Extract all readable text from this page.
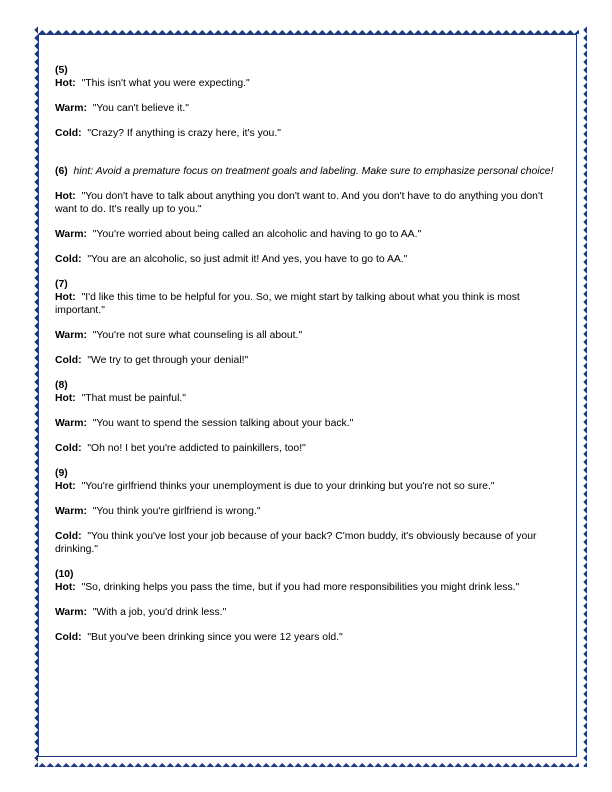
(5)

Hot: "This isn't what you were expecting."

Warm: "You can't believe it."

Cold: "Crazy? If anything is crazy here, it's you."

(6) hint: Avoid a premature focus on treatment goals and labeling. Make sure to emphasize personal choice!

Hot: "You don't have to talk about anything you don't want to. And you don't have to do anything you don't want to do. It's really up to you."

Warm: "You're worried about being called an alcoholic and having to go to AA."

Cold: "You are an alcoholic, so just admit it! And yes, you have to go to AA."

(7)

Hot: "I'd like this time to be helpful for you. So, we might start by talking about what you think is most important."

Warm: "You're not sure what counseling is all about."

Cold: "We try to get through your denial!"

(8)

Hot: "That must be painful."

Warm: "You want to spend the session talking about your back."

Cold: "Oh no! I bet you're addicted to painkillers, too!"

(9)

Hot: "You're girlfriend thinks your unemployment is due to your drinking but you're not so sure."

Warm: "You think you're girlfriend is wrong."

Cold: "You think you've lost your job because of your back? C'mon buddy, it's obviously because of your drinking."

(10)

Hot: "So, drinking helps you pass the time, but if you had more responsibilities you might drink less."

Warm: "With a job, you'd drink less."

Cold: "But you've been drinking since you were 12 years old."
